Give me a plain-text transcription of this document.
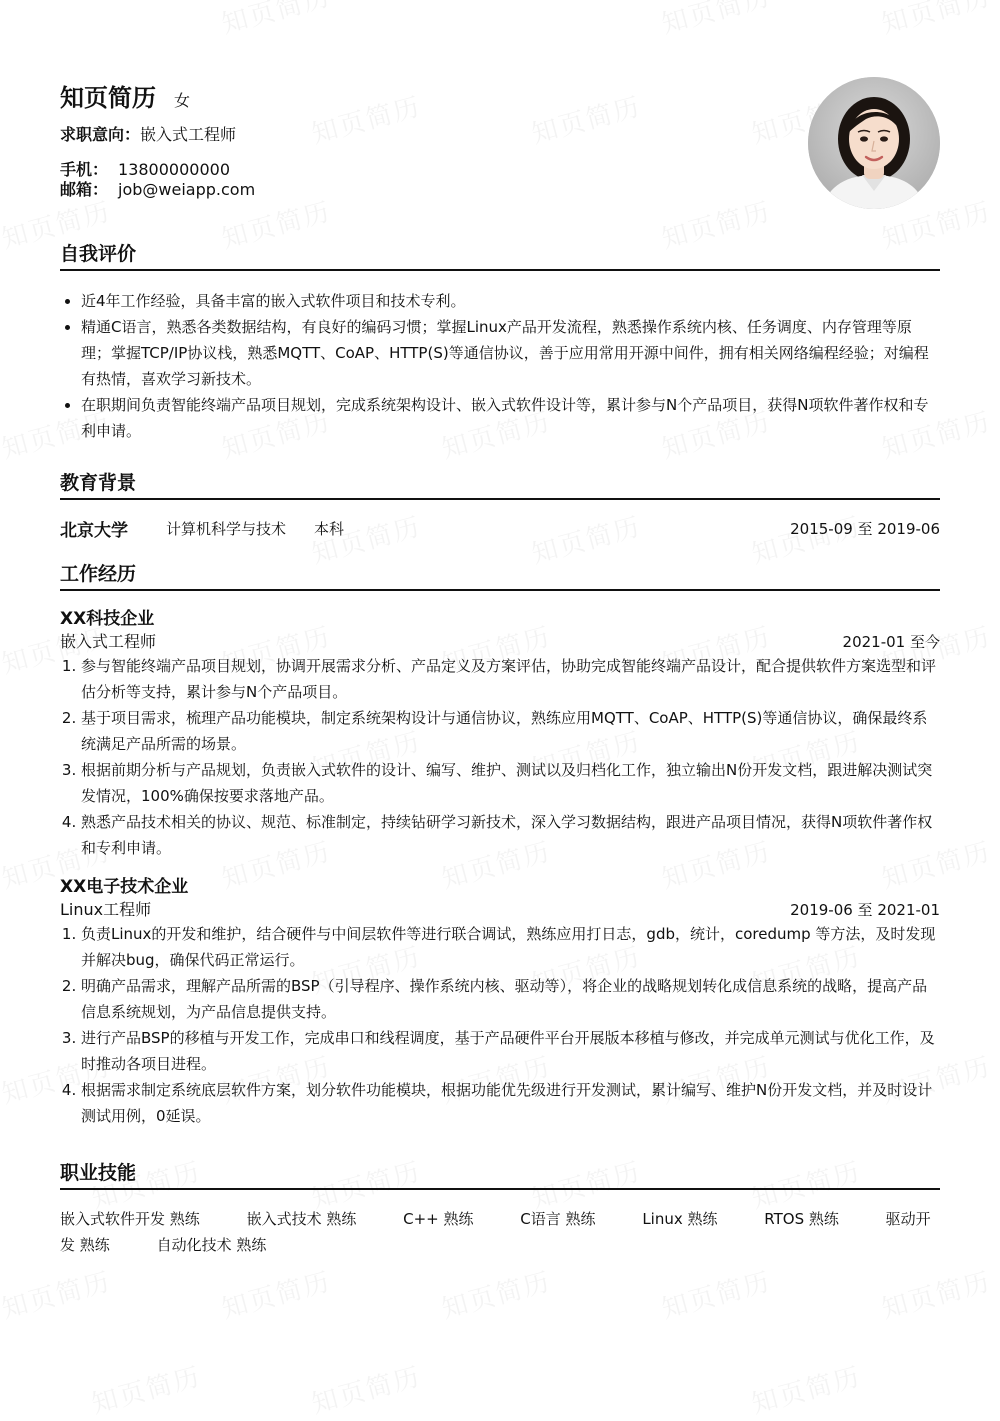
知页简历 女
求职意向：嵌入式工程师
手机： 13800000000
邮箱： job@weiapp.com
自我评价
• 近4年工作经验，具备丰富的嵌入式软件项目和技术专利。
• 精通C语言，熟悉各类数据结构，有良好的编码习惯；掌握Linux产品开发流程，熟悉操作系统内核、任务调度、内存管理等原理；掌握TCP/IP协议栈，熟悉MQTT、CoAP、HTTP(S)等通信协议，善于应用常用开源中间件，拥有相关网络编程经验；对编程有热情，喜欢学习新技术。
• 在职期间负责智能终端产品项目规划，完成系统架构设计、嵌入式软件设计等，累计参与N个产品项目，获得N项软件著作权和专利申请。
教育背景
北京大学	计算机科学与技术 本科	2015-09 至 2019-06
工作经历
XX科技企业
嵌入式工程师	2021-01 至今
1. 参与智能终端产品项目规划，协调开展需求分析、产品定义及方案评估，协助完成智能终端产品设计，配合提供软件方案选型和评估分析等支持，累计参与N个产品项目。
2. 基于项目需求，梳理产品功能模块，制定系统架构设计与通信协议，熟练应用MQTT、CoAP、HTTP(S)等通信协议，确保最终系统满足产品所需的场景。
3. 根据前期分析与产品规划，负责嵌入式软件的设计、编写、维护、测试以及归档化工作，独立输出N份开发文档，跟进解决测试突发情况，100%确保按要求落地产品。
4. 熟悉产品技术相关的协议、规范、标准制定，持续钻研学习新技术，深入学习数据结构，跟进产品项目情况，获得N项软件著作权和专利申请。
XX电子技术企业
Linux工程师	2019-06 至 2021-01
1. 负责Linux的开发和维护，结合硬件与中间层软件等进行联合调试，熟练应用打日志，gdb，统计，coredump 等方法，及时发现并解决bug，确保代码正常运行。
2. 明确产品需求，理解产品所需的BSP（引导程序、操作系统内核、驱动等），将企业的战略规划转化成信息系统的战略，提高产品信息系统规划，为产品信息提供支持。
3. 进行产品BSP的移植与开发工作，完成串口和线程调度，基于产品硬件平台开展版本移植与修改，并完成单元测试与优化工作，及时推动各项目进程。
4. 根据需求制定系统底层软件方案，划分软件功能模块，根据功能优先级进行开发测试，累计编写、维护N份开发文档，并及时设计测试用例，0延误。
职业技能
嵌入式软件开发 熟练	嵌入式技术 熟练	C++ 熟练	C语言 熟练	Linux 熟练	RTOS 熟练	驱动开发 熟练	自动化技术 熟练
